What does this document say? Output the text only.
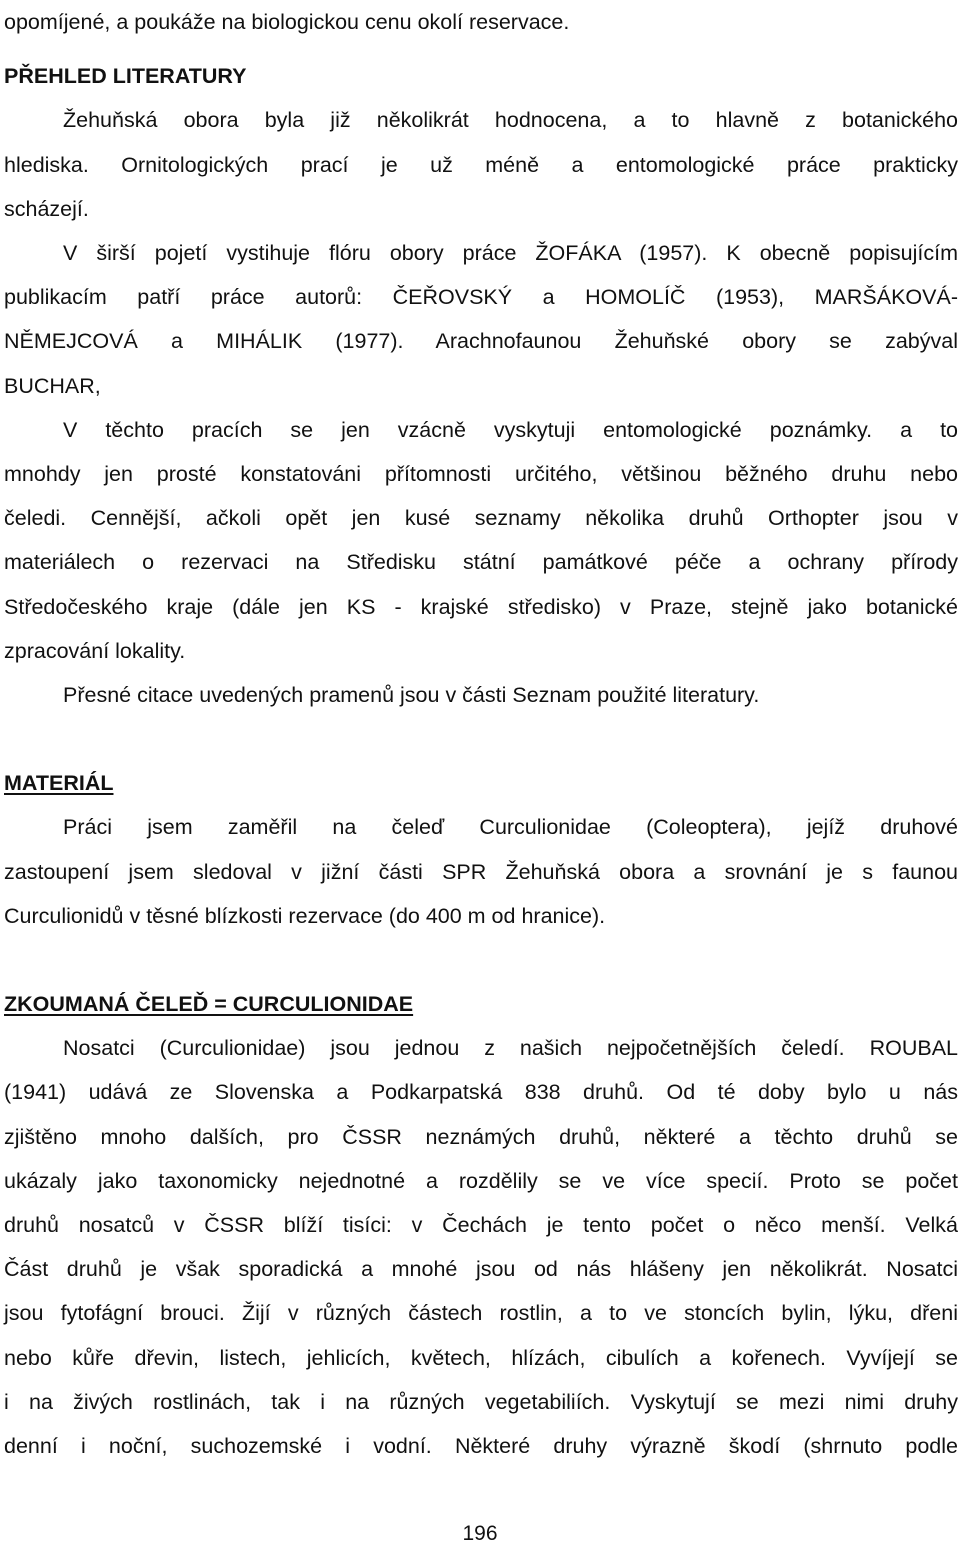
opomíjené, a poukáže na biologickou cenu okolí reservace.
PŘEHLED LITERATURY

Žehuňská obora byla již několikrát hodnocena, a to hlavně z botanického
hlediska. Ornitologických prací je už méně a entomologické práce prakticky
scházejí.

V širší pojetí vystihuje flóru obory práce ŽOFÁKA (1957). K obecně popisujícím
publikacím patří práce autorů: ČEŘOVSKÝ a HOMOLÍČ (1953), MARŠÁKOVÁ-
NĚMEJCOVÁ a MIHÁLIK (1977). Arachnofaunou Žehuňské obory se zabýval
BUCHAR,

V těchto pracích se jen vzácně vyskytuji entomologické poznámky. a to
mnohdy jen prosté konstatováni přítomnosti určitého, většinou běžného druhu nebo
čeledi. Cennější, ačkoli opět jen kusé seznamy několika druhů Orthopter jsou v
materiálech o rezervaci na Středisku státní památkové péče a ochrany přírody
Středočeského kraje (dále jen KS - krajské středisko) v Praze, stejně jako botanické
zpracování lokality.

Přesné citace uvedených pramenů jsou v části Seznam použité literatury.

MATERIÁL

Práci jsem zaměřil na čeleď Curculionidae (Coleoptera), jejíž druhové
zastoupení jsem sledoval v jižní části SPR Žehuňská obora a srovnání je s faunou
Curculionidů v těsné blízkosti rezervace (do 400 m od hranice).

ZKOUMANÁ ČELEĎ = CURCULIONIDAE

Nosatci (Curculionidae) jsou jednou z našich nejpočetnějších čeledí. ROUBAL
(1941) udává ze Slovenska a Podkarpatská 838 druhů. Od té doby bylo u nás
zjištěno mnoho dalších, pro ČSSR neznámých druhů, některé a těchto druhů se
ukázaly jako taxonomicky nejednotné a rozdělily se ve více specií. Proto se počet
druhů nosatců v ČSSR blíží tisíci: v Čechách je tento počet o něco menší. Velká
Část druhů je však sporadická a mnohé jsou od nás hlášeny jen několikrát. Nosatci
jsou fytofágní brouci. Žijí v různých částech rostlin, a to ve stoncích bylin, lýku, dřeni
nebo kůře dřevin, listech, jehlicích, květech, hlízách, cibulích a kořenech. Vyvíjejí se
i na živých rostlinách, tak i na různých vegetabiliích. Vyskytují se mezi nimi druhy
denní i noční, suchozemské i vodní. Některé druhy výrazně škodí (shrnuto podle

196
